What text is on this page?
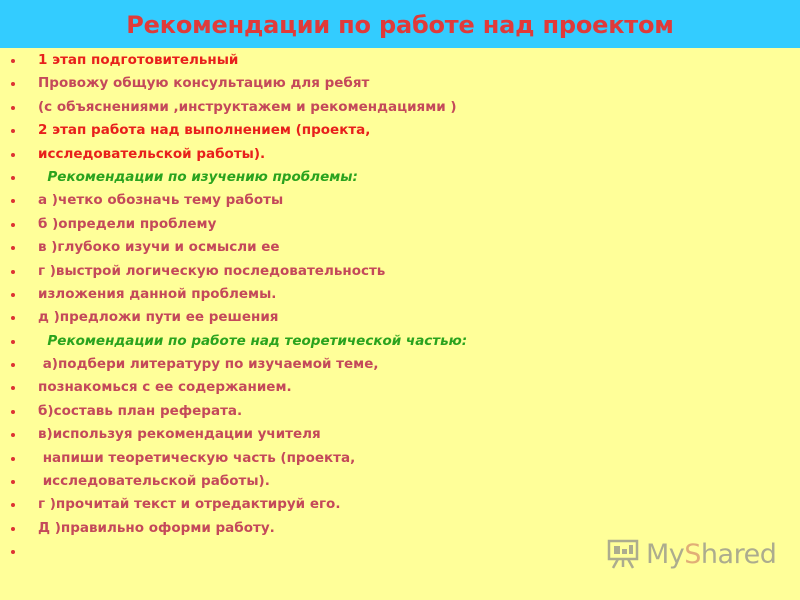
Рекомендации по работе над проектом
1 этап подготовительный
Провожу общую консультацию для ребят
(с объяснениями ,инструктажем и рекомендациями )
2 этап работа над выполнением (проекта,
исследовательской работы).
Рекомендации по изучению проблемы:
а )четко обозначь тему работы
б )определи проблему
в )глубоко изучи и осмысли ее
г )выстрой логическую последовательность
изложения данной проблемы.
д )предложи пути ее решения
Рекомендации по работе над теоретической частью:
а)подбери литературу по изучаемой теме,
познакомься с ее содержанием.
б)составь план реферата.
в)используя рекомендации учителя
напиши теоретическую часть (проекта,
исследовательской работы).
г )прочитай текст и отредактируй его.
Д )правильно оформи работу.
MyShared
